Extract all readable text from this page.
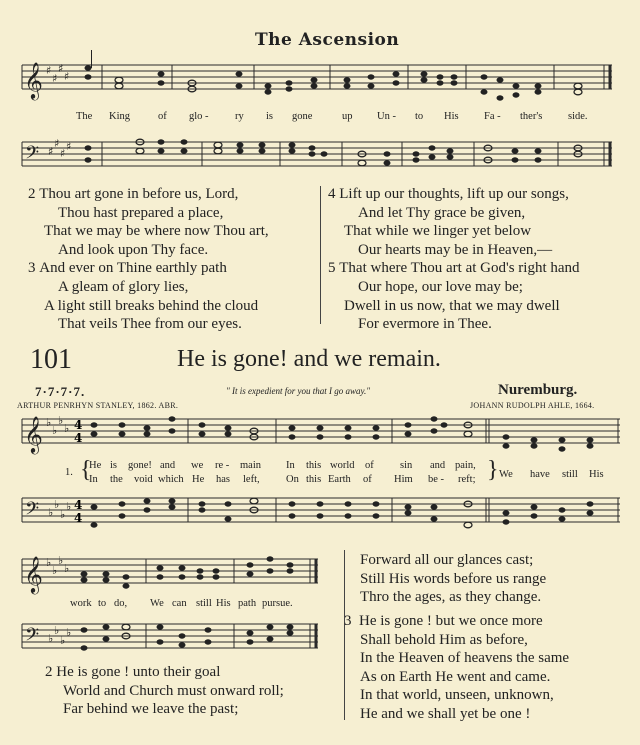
The Ascension
𝄞 ♯
♯
♯
♯
The King	of glo -	ry is gone	up Un - to His Fa - ther's side.
𝄢 ♯
♯
♯
♯
2 Thou art gone in before us, Lord,
Thou hast prepared a place,
That we may be where now Thou art,
And look upon Thy face.
3 And ever on Thine earthly path
A gleam of glory lies,
A light still breaks behind the cloud
That veils Thee from our eyes.
4 Lift up our thoughts, lift up our songs,
And let Thy grace be given,
That while we linger yet below
Our hearts may be in Heaven,—
5 That where Thou art at God's right hand
Our hope, our love may be;
Dwell in us now, that we may dwell
For evermore in Thee.
101	He is gone! and we remain.
7·7·7·7.	" It is expedient for you that I go away."	Nuremburg.
ARTHUR PENRHYN STANLEY, 1862. ABR.	JOHANN RUDOLPH AHLE, 1664.
𝄞 ♭
♭
♭
♭ 4
4
1. {
He is gone! and we re - main In this world of	sin and pain, } We have still His
In the void which He has left,	On this Earth of Him be - reft;
𝄢 ♭
♭
♭
♭ 4
4
𝄞 ♭
♭
♭
♭
work to do, We can still His path pursue.
𝄢 ♭
♭
♭
♭
2 He is gone ! unto their goal
World and Church must onward roll;
Far behind we leave the past;
Forward all our glances cast;
Still His words before us range
Thro the ages, as they change.
3 He is gone ! but we once more
Shall behold Him as before,
In the Heaven of heavens the same
As on Earth He went and came.
In that world, unseen, unknown,
He and we shall yet be one !
